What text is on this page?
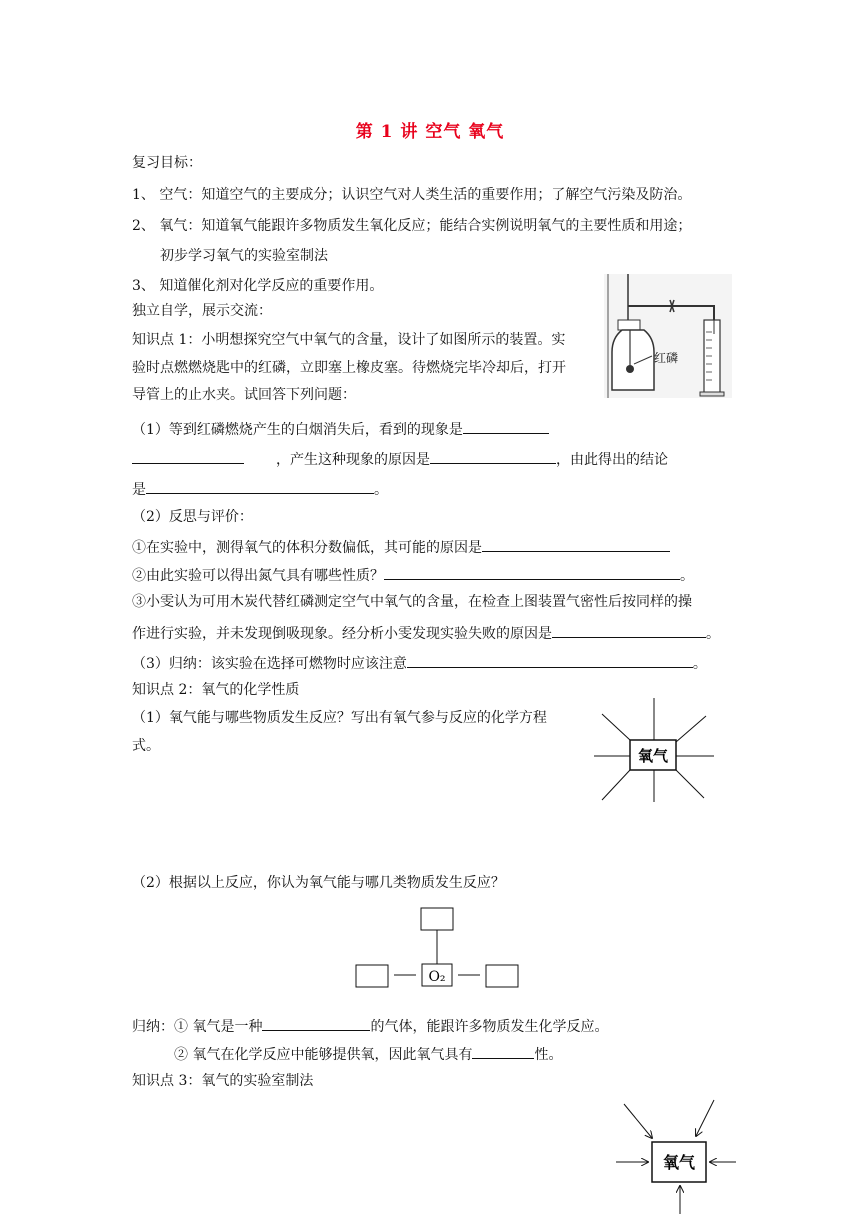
第 1 讲 空气 氧气
复习目标：
1、 空气：知道空气的主要成分；认识空气对人类生活的重要作用；了解空气污染及防治。
2、 氧气：知道氧气能跟许多物质发生氧化反应；能结合实例说明氧气的主要性质和用途；
初步学习氧气的实验室制法
3、 知道催化剂对化学反应的重要作用。
独立自学，展示交流：
知识点 1：小明想探究空气中氧气的含量，设计了如图所示的装置。实
验时点燃燃烧匙中的红磷，立即塞上橡皮塞。待燃烧完毕冷却后，打开
导管上的止水夹。试回答下列问题：
红磷
（1）等到红磷燃烧产生的白烟消失后，看到的现象是
，产生这种现象的原因是	，由此得出的结论
是	。
（2）反思与评价：
①在实验中，测得氧气的体积分数偏低，其可能的原因是
②由此实验可以得出氮气具有哪些性质？	。
③小雯认为可用木炭代替红磷测定空气中氧气的含量，在检查上图装置气密性后按同样的操
作进行实验，并未发现倒吸现象。经分析小雯发现实验失败的原因是	。
（3）归纳：该实验在选择可燃物时应该注意	。
知识点 2：氧气的化学性质
（1）氧气能与哪些物质发生反应？写出有氧气参与反应的化学方程
式。
氧气
（2）根据以上反应，你认为氧气能与哪几类物质发生反应？
O₂
归纳：① 氧气是一种	的气体，能跟许多物质发生化学反应。
② 氧气在化学反应中能够提供氧，因此氧气具有	性。
知识点 3：氧气的实验室制法
氧气
